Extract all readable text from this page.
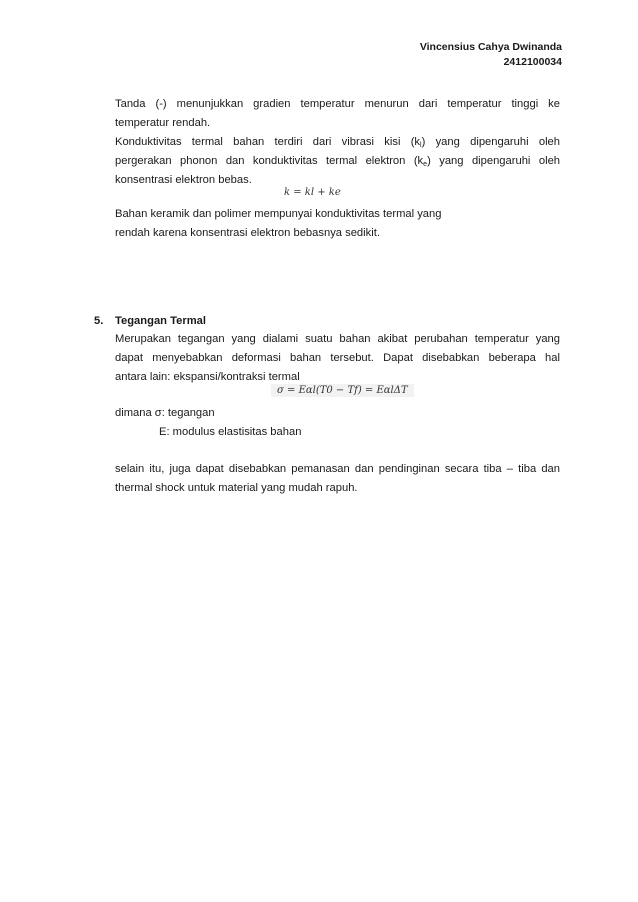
Vincensius Cahya Dwinanda
2412100034
Tanda (-) menunjukkan gradien temperatur menurun dari temperatur tinggi ke
temperatur rendah.
Konduktivitas termal bahan terdiri dari vibrasi kisi $(k_l)$ yang dipengaruhi oleh
pergerakan phonon dan konduktivitas termal elektron $(k_e)$ yang dipengaruhi oleh
konsentrasi elektron bebas.
k = kl + ke
Bahan keramik dan polimer mempunyai konduktivitas termal yang
rendah karena konsentrasi elektron bebasnya sedikit.
5. Tegangan Termal
Merupakan tegangan yang dialami suatu bahan akibat perubahan temperatur yang
dapat menyebabkan deformasi bahan tersebut. Dapat disebabkan beberapa hal
antara lain: ekspansi/kontraksi termal
σ = Eαl(T0 − Tf) = EαlΔT
dimana σ: tegangan
E: modulus elastisitas bahan
selain itu, juga dapat disebabkan pemanasan dan pendinginan secara tiba – tiba dan
thermal shock untuk material yang mudah rapuh.
